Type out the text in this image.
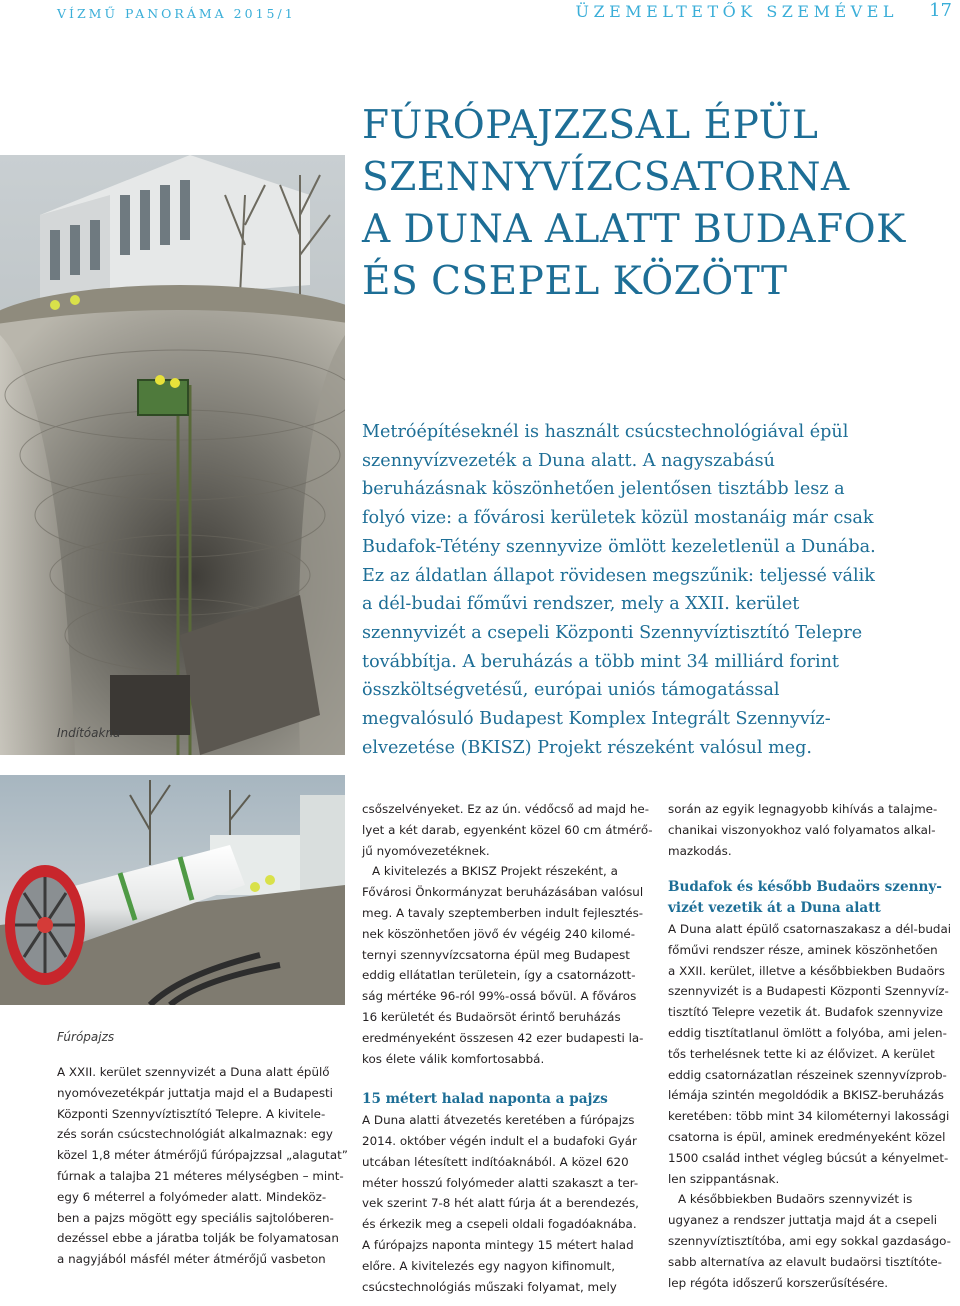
VÍZMŰ PANORÁMA 2015/1	ÜZEMELTETŐK SZEMÉVEL 17
FÚRÓPAJZZSAL ÉPÜL
SZENNYVÍZCSATORNA
A DUNA ALATT BUDAFOK
ÉS CSEPEL KÖZÖTT
Indítóakna
Metróépítéseknél is használt csúcstechnológiával épül
szennyvízvezeték a Duna alatt. A nagyszabású
beruházásnak köszönhetően jelentősen tisztább lesz a
folyó vize: a fővárosi kerületek közül mostanáig már csak
Budafok-Tétény szennyvize ömlött kezeletlenül a Dunába.
Ez az áldatlan állapot rövidesen megszűnik: teljessé válik
a dél-budai főművi rendszer, mely a XXII. kerület
szennyvizét a csepeli Központi Szennyvíztisztító Telepre
továbbítja. A beruházás a több mint 34 milliárd forint
összköltségvetésű, európai uniós támogatással
megvalósuló Budapest Komplex Integrált Szennyvíz-
elvezetése (BKISZ) Projekt részeként valósul meg.
Fúrópajzs
A XXII. kerület szennyvizét a Duna alatt épülő
nyomóvezetékpár juttatja majd el a Budapesti
Központi Szennyvíztisztító Telepre. A kivitele-
zés során csúcstechnológiát alkalmaznak: egy
közel 1,8 méter átmérőjű fúrópajzzsal „alagutat”
fúrnak a talajba 21 méteres mélységben – mint-
egy 6 méterrel a folyómeder alatt. Mindeköz-
ben a pajzs mögött egy speciális sajtolóberen-
dezéssel ebbe a járatba tolják be folyamatosan
a nagyjából másfél méter átmérőjű vasbeton
csőszelvényeket. Ez az ún. védőcső ad majd he-
lyet a két darab, egyenként közel 60 cm átmérő-
jű nyomóvezetéknek.
A kivitelezés a BKISZ Projekt részeként, a
Fővárosi Önkormányzat beruházásában valósul
meg. A tavaly szeptemberben indult fejlesztés-
nek köszönhetően jövő év végéig 240 kilomé-
ternyi szennyvízcsatorna épül meg Budapest
eddig ellátatlan területein, így a csatornázott-
ság mértéke 96-ról 99%-ossá bővül. A főváros
16 kerületét és Budaörsöt érintő beruházás
eredményeként összesen 42 ezer budapesti la-
kos élete válik komfortosabbá.
15 métert halad naponta a pajzs
A Duna alatti átvezetés keretében a fúrópajzs
2014. október végén indult el a budafoki Gyár
utcában létesített indítóaknából. A közel 620
méter hosszú folyómeder alatti szakaszt a ter-
vek szerint 7-8 hét alatt fúrja át a berendezés,
és érkezik meg a csepeli oldali fogadóaknába.
A fúrópajzs naponta mintegy 15 métert halad
előre. A kivitelezés egy nagyon kifinomult,
csúcstechnológiás műszaki folyamat, mely
során az egyik legnagyobb kihívás a talajme-
chanikai viszonyokhoz való folyamatos alkal-
mazkodás.
Budafok és később Budaörs szenny-
vizét vezetik át a Duna alatt
A Duna alatt épülő csatornaszakasz a dél-budai
főművi rendszer része, aminek köszönhetően
a XXII. kerület, illetve a későbbiekben Budaörs
szennyvizét is a Budapesti Központi Szennyvíz-
tisztító Telepre vezetik át. Budafok szennyvize
eddig tisztítatlanul ömlött a folyóba, ami jelen-
tős terhelésnek tette ki az élővizet. A kerület
eddig csatornázatlan részeinek szennyvízprob-
lémája szintén megoldódik a BKISZ-beruházás
keretében: több mint 34 kilométernyi lakossági
csatorna is épül, aminek eredményeként közel
1500 család inthet végleg búcsút a kényelmet-
len szippantásnak.
A későbbiekben Budaörs szennyvizét is
ugyanez a rendszer juttatja majd át a csepeli
szennyvíztisztítóba, ami egy sokkal gazdaságo-
sabb alternatíva az elavult budaörsi tisztítóte-
lep régóta időszerű korszerűsítésére.
